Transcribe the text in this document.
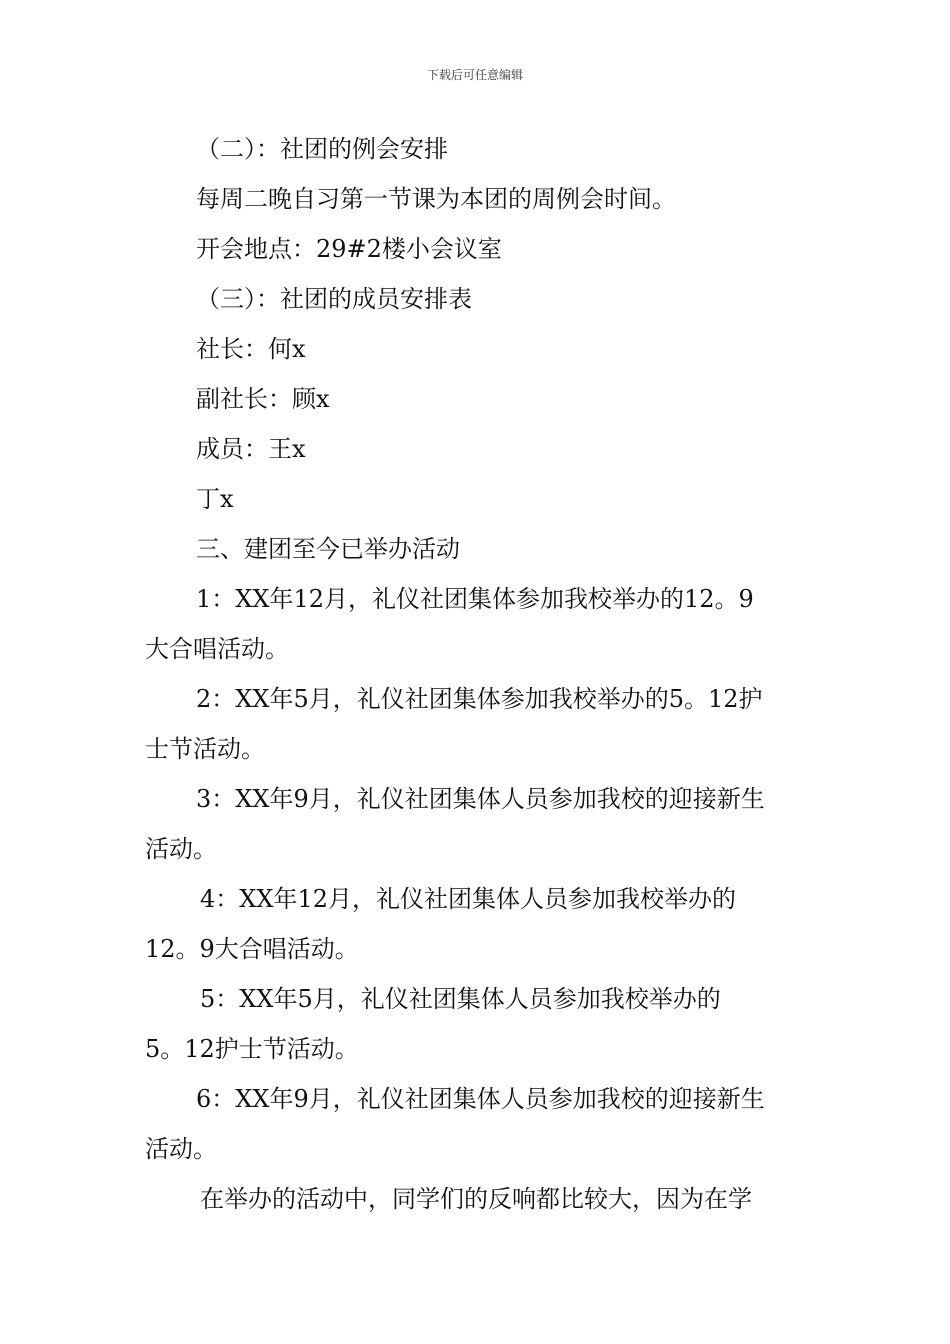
下载后可任意编辑
（二）：社团的例会安排
每周二晚自习第一节课为本团的周例会时间。
开会地点：29#2楼小会议室
（三）：社团的成员安排表
社长：何x
副社长：顾x
成员：王x
丁x
三、建团至今已举办活动
1：XX年12月，礼仪社团集体参加我校举办的12。9
大合唱活动。
2：XX年5月，礼仪社团集体参加我校举办的5。12护
士节活动。
3：XX年9月，礼仪社团集体人员参加我校的迎接新生
活动。
4：XX年12月，礼仪社团集体人员参加我校举办的
12。9大合唱活动。
5：XX年5月，礼仪社团集体人员参加我校举办的
5。12护士节活动。
6：XX年9月，礼仪社团集体人员参加我校的迎接新生
活动。
在举办的活动中，同学们的反响都比较大，因为在学
